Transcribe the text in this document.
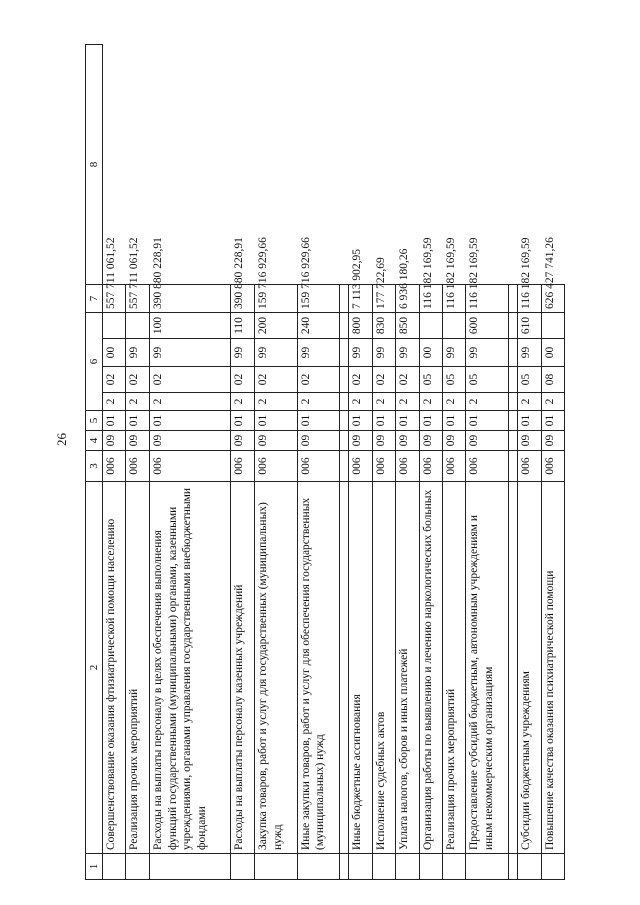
26
1	2	3	4	5	6				7	8
	Совершенствование оказания фтизиатрической помощи населению	006	09	01	2	02	00		557 711 061,52	
	Реализация прочих мероприятий	006	09	01	2	02	99		557 711 061,52	
	Расходы на выплаты персоналу в целях обеспечения выполнения функций государственными (муниципальными) органами, казенными учреждениями, органами управления государственными внебюджетными фондами	006	09	01	2	02	99	100	390 880 228,91	
	Расходы на выплаты персоналу казенных учреждений	006	09	01	2	02	99	110	390 880 228,91	
	Закупка товаров, работ и услуг для государственных (муниципальных) нужд	006	09	01	2	02	99	200	159 716 929,66	
	Иные закупки товаров, работ и услуг для обеспечения государственных (муниципальных) нужд	006	09	01	2	02	99	240	159 716 929,66	

	Иные бюджетные ассигнования	006	09	01	2	02	99	800	7 113 902,95	
	Исполнение судебных актов	006	09	01	2	02	99	830	177 722,69	
	Уплата налогов, сборов и иных платежей	006	09	01	2	02	99	850	6 936 180,26	
	Организация работы по выявлению и лечению наркологических больных	006	09	01	2	05	00		116 182 169,59	
	Реализация прочих мероприятий	006	09	01	2	05	99		116 182 169,59	
	Предоставление субсидий бюджетным, автономным учреждениям и иным некоммерческим организациям	006	09	01	2	05	99	600	116 182 169,59	

	Субсидии бюджетным учреждениям	006	09	01	2	05	99	610	116 182 169,59	
	Повышение качества оказания психиатрической помощи	006	09	01	2	08	00		626 427 741,26	
